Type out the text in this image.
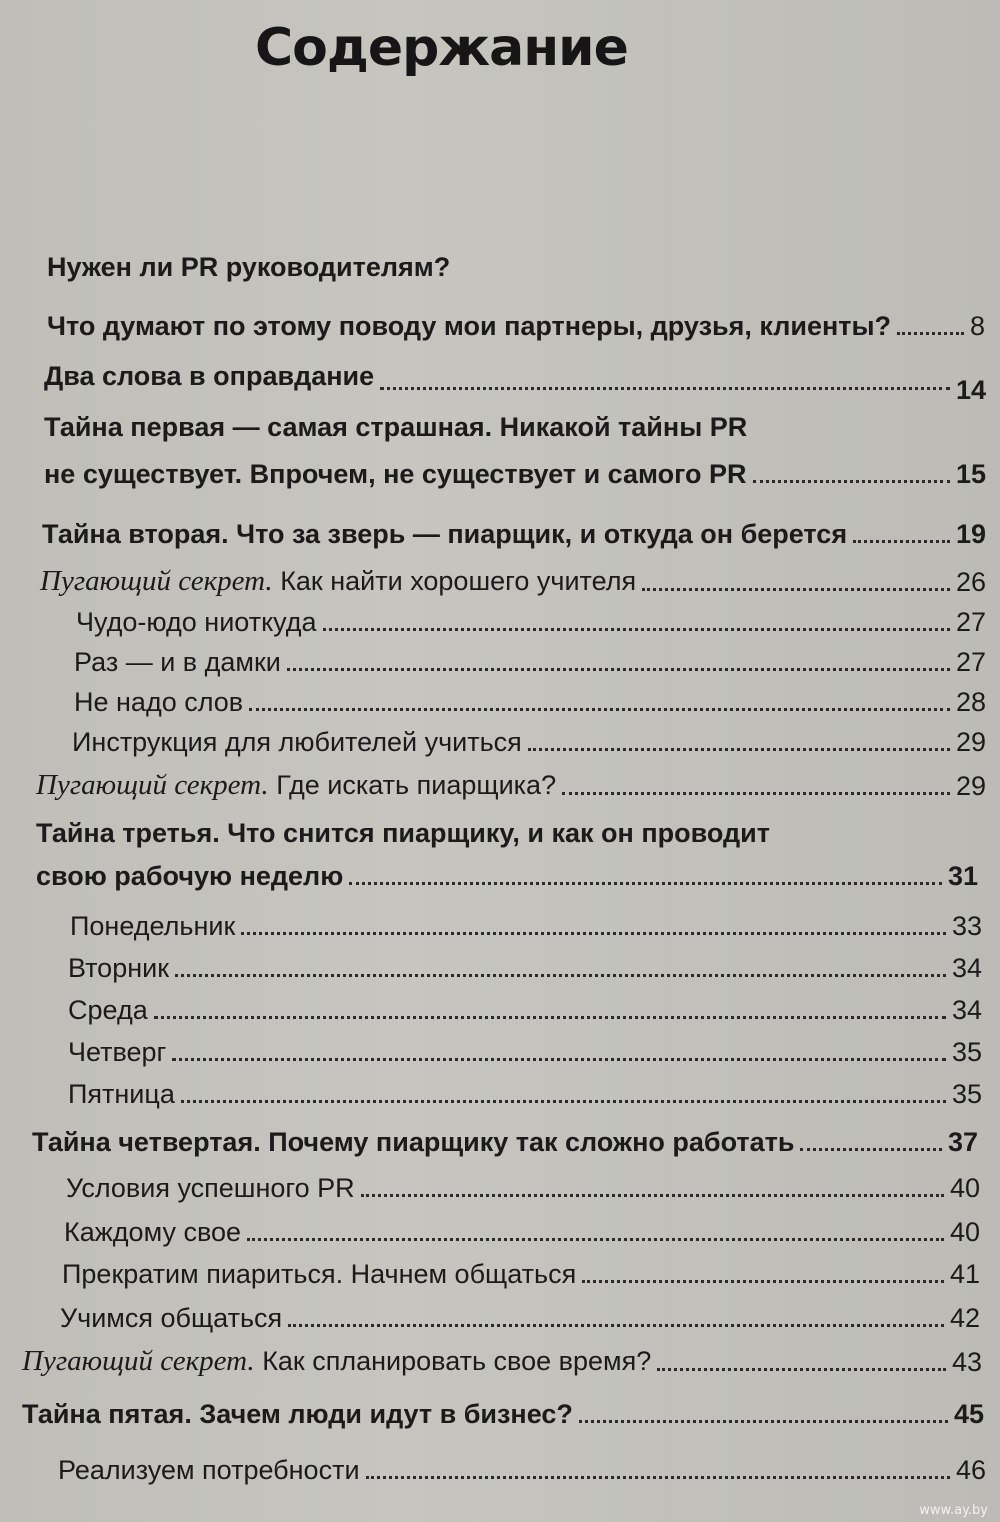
Содержание
Нужен ли PR руководителям?
Что думают по этому поводу мои партнеры, друзья, клиенты?	8
Два слова в оправдание	14
Тайна первая — самая страшная. Никакой тайны PR
не существует. Впрочем, не существует и самого PR	15
Тайна вторая. Что за зверь — пиарщик, и откуда он берется	19
Пугающий секрет. Как найти хорошего учителя	26
Чудо-юдо ниоткуда	27
Раз — и в дамки	27
Не надо слов	28
Инструкция для любителей учиться	29
Пугающий секрет. Где искать пиарщика?	29
Тайна третья. Что снится пиарщику, и как он проводит
свою рабочую неделю	31
Понедельник	33
Вторник	34
Среда	34
Четверг	35
Пятница	35
Тайна четвертая. Почему пиарщику так сложно работать	37
Условия успешного PR	40
Каждому свое	40
Прекратим пиариться. Начнем общаться	41
Учимся общаться	42
Пугающий секрет. Как спланировать свое время?	43
Тайна пятая. Зачем люди идут в бизнес?	45
Реализуем потребности	46
www.ay.by
